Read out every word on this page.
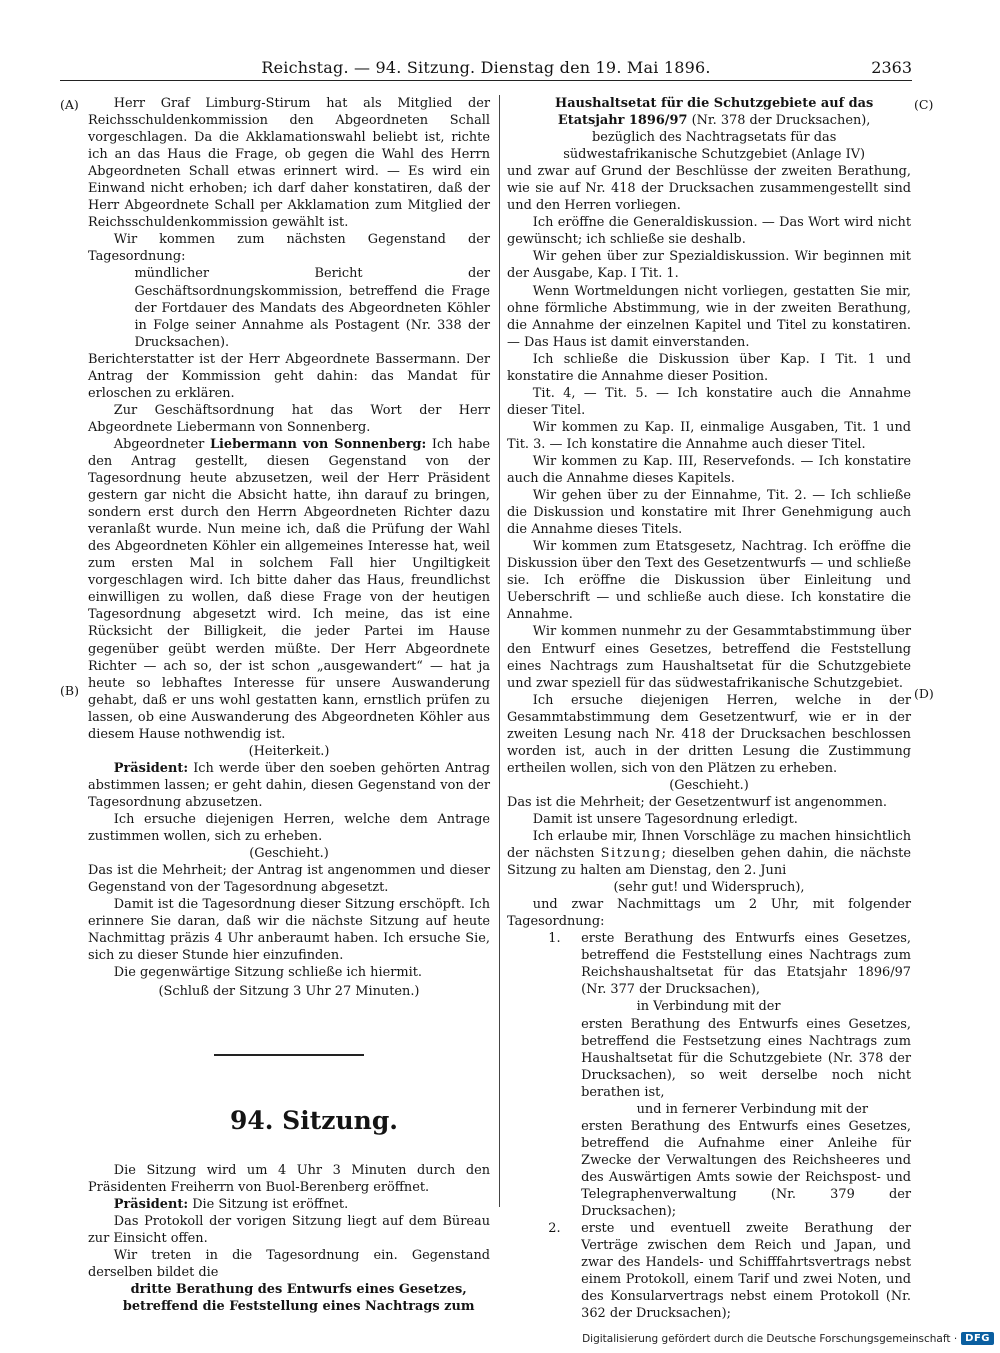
Reichstag. — 94. Sitzung. Dienstag den 19. Mai 1896.	2363
(A)
(B)
(C)
(D)

Herr Graf Limburg-Stirum hat als Mitglied der Reichsschuldenkommission den Abgeordneten Schall vorgeschlagen. Da die Akklamationswahl beliebt ist, richte ich an das Haus die Frage, ob gegen die Wahl des Herrn Abgeordneten Schall etwas erinnert wird. — Es wird ein Einwand nicht erhoben; ich darf daher konstatiren, daß der Herr Abgeordnete Schall per Akklamation zum Mitglied der Reichsschuldenkommission gewählt ist.

Wir kommen zum nächsten Gegenstand der Tagesordnung:

mündlicher Bericht der Geschäftsordnungskommission, betreffend die Frage der Fortdauer des Mandats des Abgeordneten Köhler in Folge seiner Annahme als Postagent (Nr. 338 der Drucksachen).

Berichterstatter ist der Herr Abgeordnete Bassermann. Der Antrag der Kommission geht dahin: das Mandat für erloschen zu erklären.

Zur Geschäftsordnung hat das Wort der Herr Abgeordnete Liebermann von Sonnenberg.

Abgeordneter Liebermann von Sonnenberg: Ich habe den Antrag gestellt, diesen Gegenstand von der Tagesordnung heute abzusetzen, weil der Herr Präsident gestern gar nicht die Absicht hatte, ihn darauf zu bringen, sondern erst durch den Herrn Abgeordneten Richter dazu veranlaßt wurde. Nun meine ich, daß die Prüfung der Wahl des Abgeordneten Köhler ein allgemeines Interesse hat, weil zum ersten Mal in solchem Fall hier Ungiltigkeit vorgeschlagen wird. Ich bitte daher das Haus, freundlichst einwilligen zu wollen, daß diese Frage von der heutigen Tagesordnung abgesetzt wird. Ich meine, das ist eine Rücksicht der Billigkeit, die jeder Partei im Hause gegenüber geübt werden müßte. Der Herr Abgeordnete Richter — ach so, der ist schon „ausgewandert“ — hat ja heute so lebhaftes Interesse für unsere Auswanderung gehabt, daß er uns wohl gestatten kann, ernstlich prüfen zu lassen, ob eine Auswanderung des Abgeordneten Köhler aus diesem Hause nothwendig ist.

(Heiterkeit.)

Präsident: Ich werde über den soeben gehörten Antrag abstimmen lassen; er geht dahin, diesen Gegenstand von der Tagesordnung abzusetzen.

Ich ersuche diejenigen Herren, welche dem Antrage zustimmen wollen, sich zu erheben.

(Geschieht.)

Das ist die Mehrheit; der Antrag ist angenommen und dieser Gegenstand von der Tagesordnung abgesetzt.

Damit ist die Tagesordnung dieser Sitzung erschöpft. Ich erinnere Sie daran, daß wir die nächste Sitzung auf heute Nachmittag präzis 4 Uhr anberaumt haben. Ich ersuche Sie, sich zu dieser Stunde hier einzufinden.

Die gegenwärtige Sitzung schließe ich hiermit.

(Schluß der Sitzung 3 Uhr 27 Minuten.)

94. Sitzung.

Die Sitzung wird um 4 Uhr 3 Minuten durch den Präsidenten Freiherrn von Buol-Berenberg eröffnet.

Präsident: Die Sitzung ist eröffnet.

Das Protokoll der vorigen Sitzung liegt auf dem Büreau zur Einsicht offen.

Wir treten in die Tagesordnung ein. Gegenstand derselben bildet die

dritte Berathung des Entwurfs eines Gesetzes, betreffend die Feststellung eines Nachtrags zum

Haushaltsetat für die Schutzgebiete auf das Etatsjahr 1896/97 (Nr. 378 der Drucksachen), bezüglich des Nachtragsetats für das südwestafrikanische Schutzgebiet (Anlage IV)

und zwar auf Grund der Beschlüsse der zweiten Berathung, wie sie auf Nr. 418 der Drucksachen zusammengestellt sind und den Herren vorliegen.

Ich eröffne die Generaldiskussion. — Das Wort wird nicht gewünscht; ich schließe sie deshalb.

Wir gehen über zur Spezialdiskussion. Wir beginnen mit der Ausgabe, Kap. I Tit. 1.

Wenn Wortmeldungen nicht vorliegen, gestatten Sie mir, ohne förmliche Abstimmung, wie in der zweiten Berathung, die Annahme der einzelnen Kapitel und Titel zu konstatiren. — Das Haus ist damit einverstanden.

Ich schließe die Diskussion über Kap. I Tit. 1 und konstatire die Annahme dieser Position.

Tit. 4, — Tit. 5. — Ich konstatire auch die Annahme dieser Titel.

Wir kommen zu Kap. II, einmalige Ausgaben, Tit. 1 und Tit. 3. — Ich konstatire die Annahme auch dieser Titel.

Wir kommen zu Kap. III, Reservefonds. — Ich konstatire auch die Annahme dieses Kapitels.

Wir gehen über zu der Einnahme, Tit. 2. — Ich schließe die Diskussion und konstatire mit Ihrer Genehmigung auch die Annahme dieses Titels.

Wir kommen zum Etatsgesetz, Nachtrag. Ich eröffne die Diskussion über den Text des Gesetzentwurfs — und schließe sie. Ich eröffne die Diskussion über Einleitung und Ueberschrift — und schließe auch diese. Ich konstatire die Annahme.

Wir kommen nunmehr zu der Gesammtabstimmung über den Entwurf eines Gesetzes, betreffend die Feststellung eines Nachtrags zum Haushaltsetat für die Schutzgebiete und zwar speziell für das südwestafrikanische Schutzgebiet.

Ich ersuche diejenigen Herren, welche in der Gesammtabstimmung dem Gesetzentwurf, wie er in der zweiten Lesung nach Nr. 418 der Drucksachen beschlossen worden ist, auch in der dritten Lesung die Zustimmung ertheilen wollen, sich von den Plätzen zu erheben.

(Geschieht.)

Das ist die Mehrheit; der Gesetzentwurf ist angenommen.

Damit ist unsere Tagesordnung erledigt.

Ich erlaube mir, Ihnen Vorschläge zu machen hinsichtlich der nächsten Sitzung; dieselben gehen dahin, die nächste Sitzung zu halten am Dienstag, den 2. Juni

(sehr gut! und Widerspruch),

und zwar Nachmittags um 2 Uhr, mit folgender Tagesordnung:

1. erste Berathung des Entwurfs eines Gesetzes, betreffend die Feststellung eines Nachtrags zum Reichshaushaltsetat für das Etatsjahr 1896/97 (Nr. 377 der Drucksachen),

in Verbindung mit der

ersten Berathung des Entwurfs eines Gesetzes, betreffend die Festsetzung eines Nachtrags zum Haushaltsetat für die Schutzgebiete (Nr. 378 der Drucksachen), so weit derselbe noch nicht berathen ist,

und in fernerer Verbindung mit der

ersten Berathung des Entwurfs eines Gesetzes, betreffend die Aufnahme einer Anleihe für Zwecke der Verwaltungen des Reichsheeres und des Auswärtigen Amts sowie der Reichspost- und Telegraphenverwaltung (Nr. 379 der Drucksachen);

2. erste und eventuell zweite Berathung der Verträge zwischen dem Reich und Japan, und zwar des Handels- und Schifffahrtsvertrags nebst einem Protokoll, einem Tarif und zwei Noten, und des Konsularvertrags nebst einem Protokoll (Nr. 362 der Drucksachen);

Digitalisierung gefördert durch die Deutsche Forschungsgemeinschaft · DFG
